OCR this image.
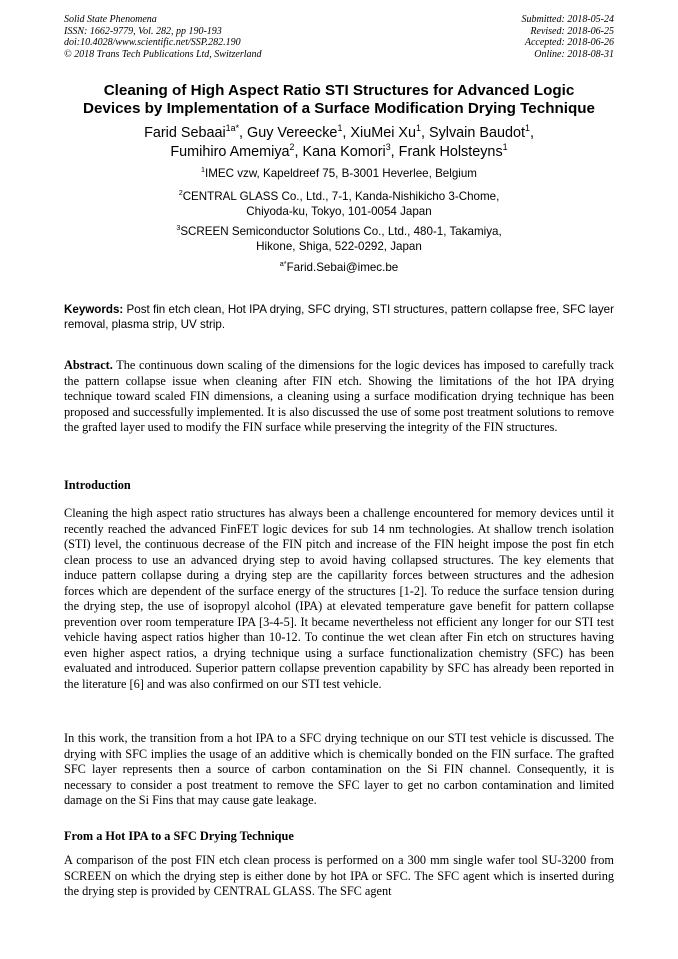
Solid State Phenomena
ISSN: 1662-9779, Vol. 282, pp 190-193
doi:10.4028/www.scientific.net/SSP.282.190
© 2018 Trans Tech Publications Ltd, Switzerland
Submitted: 2018-05-24
Revised: 2018-06-25
Accepted: 2018-06-26
Online: 2018-08-31
Cleaning of High Aspect Ratio STI Structures for Advanced Logic
Devices by Implementation of a Surface Modification Drying Technique
Farid Sebaai$^{1a*}$, Guy Vereecke$^1$, XiuMei Xu$^1$, Sylvain Baudot$^1$,
Fumihiro Amemiya$^2$, Kana Komori$^3$, Frank Holsteyns$^1$
$^1$IMEC vzw, Kapeldreef 75, B-3001 Heverlee, Belgium
$^2$CENTRAL GLASS Co., Ltd., 7-1, Kanda-Nishikicho 3-Chome,
Chiyoda-ku, Tokyo, 101-0054 Japan
$^3$SCREEN Semiconductor Solutions Co., Ltd., 480-1, Takamiya,
Hikone, Shiga, 522-0292, Japan
$^{a*}$Farid.Sebai@imec.be
Keywords: Post fin etch clean, Hot IPA drying, SFC drying, STI structures, pattern collapse free, SFC layer removal, plasma strip, UV strip.
Abstract. The continuous down scaling of the dimensions for the logic devices has imposed to carefully track the pattern collapse issue when cleaning after FIN etch. Showing the limitations of the hot IPA drying technique toward scaled FIN dimensions, a cleaning using a surface modification drying technique has been proposed and successfully implemented. It is also discussed the use of some post treatment solutions to remove the grafted layer used to modify the FIN surface while preserving the integrity of the FIN structures.
Introduction
Cleaning the high aspect ratio structures has always been a challenge encountered for memory devices until it recently reached the advanced FinFET logic devices for sub 14 nm technologies. At shallow trench isolation (STI) level, the continuous decrease of the FIN pitch and increase of the FIN height impose the post fin etch clean process to use an advanced drying step to avoid having collapsed structures. The key elements that induce pattern collapse during a drying step are the capillarity forces between structures and the adhesion forces which are dependent of the surface energy of the structures [1-2]. To reduce the surface tension during the drying step, the use of isopropyl alcohol (IPA) at elevated temperature gave benefit for pattern collapse prevention over room temperature IPA [3-4-5]. It became nevertheless not efficient any longer for our STI test vehicle having aspect ratios higher than 10-12. To continue the wet clean after Fin etch on structures having even higher aspect ratios, a drying technique using a surface functionalization chemistry (SFC) has been evaluated and introduced. Superior pattern collapse prevention capability by SFC has already been reported in the literature [6] and was also confirmed on our STI test vehicle.
In this work, the transition from a hot IPA to a SFC drying technique on our STI test vehicle is discussed. The drying with SFC implies the usage of an additive which is chemically bonded on the FIN surface. The grafted SFC layer represents then a source of carbon contamination on the Si FIN channel. Consequently, it is necessary to consider a post treatment to remove the SFC layer to get no carbon contamination and limited damage on the Si Fins that may cause gate leakage.
From a Hot IPA to a SFC Drying Technique
A comparison of the post FIN etch clean process is performed on a 300 mm single wafer tool SU-3200 from SCREEN on which the drying step is either done by hot IPA or SFC. The SFC agent which is inserted during the drying step is provided by CENTRAL GLASS. The SFC agent
